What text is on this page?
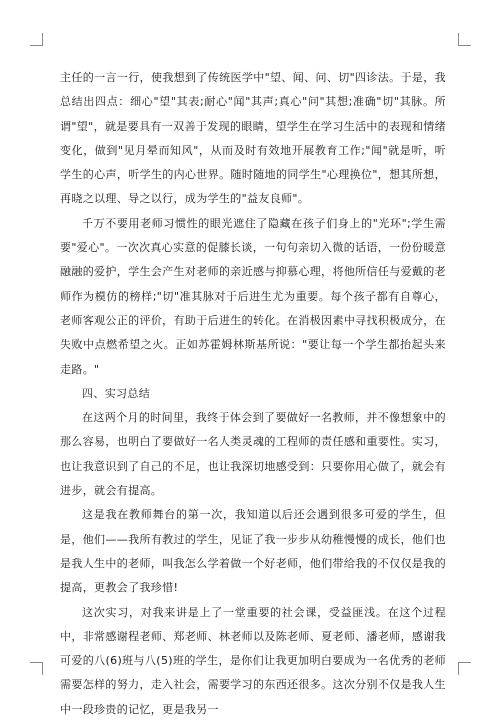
主任的一言一行，使我想到了传统医学中"望、闻、问、切"四诊法。于是，我总结出四点：细心"望"其表;耐心"闻"其声;真心"问"其想;准确"切"其脉。所谓"望"，就是要具有一双善于发现的眼睛，望学生在学习生活中的表现和情绪变化，做到"见月晕而知风"，从而及时有效地开展教育工作;"闻"就是听，听学生的心声，听学生的内心世界。随时随地的同学生"心理换位"，想其所想，再晓之以理、导之以行，成为学生的"益友良师"。

千万不要用老师习惯性的眼光遮住了隐藏在孩子们身上的"光环";学生需要"爱心"。一次次真心实意的促膝长谈，一句句亲切入微的话语，一份份暖意融融的爱护，学生会产生对老师的亲近感与抑慕心理，将他所信任与爱戴的老师作为模仿的榜样;"切"准其脉对于后进生尤为重要。每个孩子都有自尊心，老师客观公正的评价，有助于后进生的转化。在消极因素中寻找积极成分，在失败中点燃希望之火。正如苏霍姆林斯基所说："要让每一个学生都抬起头来走路。"

四、实习总结

在这两个月的时间里，我终于体会到了要做好一名教师，并不像想象中的那么容易，也明白了要做好一名人类灵魂的工程师的责任感和重要性。实习，也让我意识到了自己的不足，也让我深切地感受到：只要你用心做了，就会有进步，就会有提高。

这是我在教师舞台的第一次，我知道以后还会遇到很多可爱的学生，但是，他们——我所有教过的学生，见证了我一步步从幼稚慢慢的成长，他们也是我人生中的老师，叫我怎么学着做一个好老师，他们带给我的不仅仅是我的提高，更教会了我珍惜!

这次实习，对我来讲是上了一堂重要的社会课，受益匪浅。在这个过程中，非常感谢程老师、郑老师、林老师以及陈老师、夏老师、潘老师，感谢我可爱的八(6)班与八(5)班的学生，是你们让我更加明白要成为一名优秀的老师需要怎样的努力，走入社会，需要学习的东西还很多。这次分别不仅是我人生中一段珍贵的记忆，更是我另一
